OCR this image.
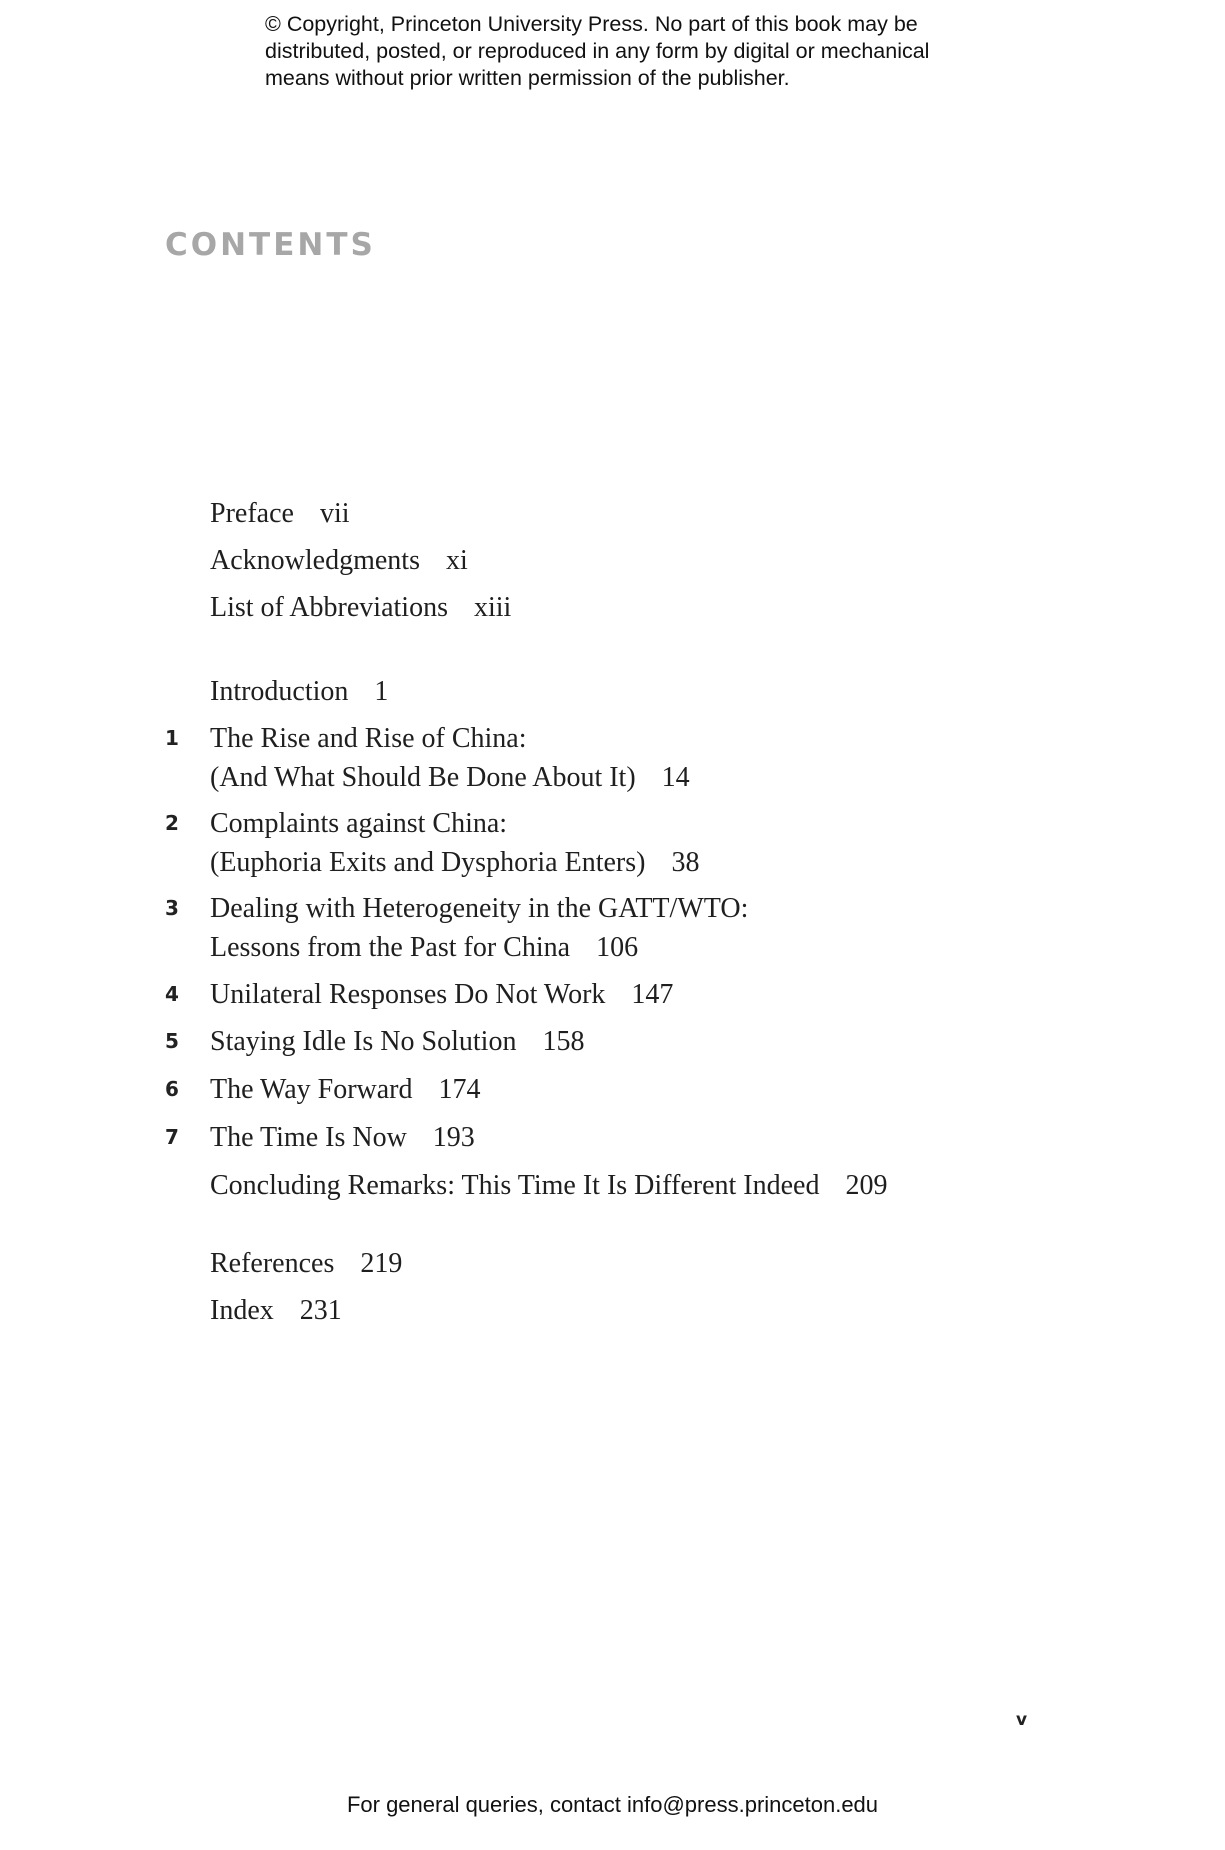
© Copyright, Princeton University Press. No part of this book may be
distributed, posted, or reproduced in any form by digital or mechanical
means without prior written permission of the publisher.
CONTENTS
Preface vii
Acknowledgments xi
List of Abbreviations xiii
Introduction 1
1	The Rise and Rise of China:
(And What Should Be Done About It) 14
2	Complaints against China:
(Euphoria Exits and Dysphoria Enters) 38
3	Dealing with Heterogeneity in the GATT/WTO:
Lessons from the Past for China 106
4	Unilateral Responses Do Not Work 147
5	Staying Idle Is No Solution 158
6	The Way Forward 174
7	The Time Is Now 193
Concluding Remarks: This Time It Is Different Indeed 209
References 219
Index 231
v
For general queries, contact info@press.princeton.edu
